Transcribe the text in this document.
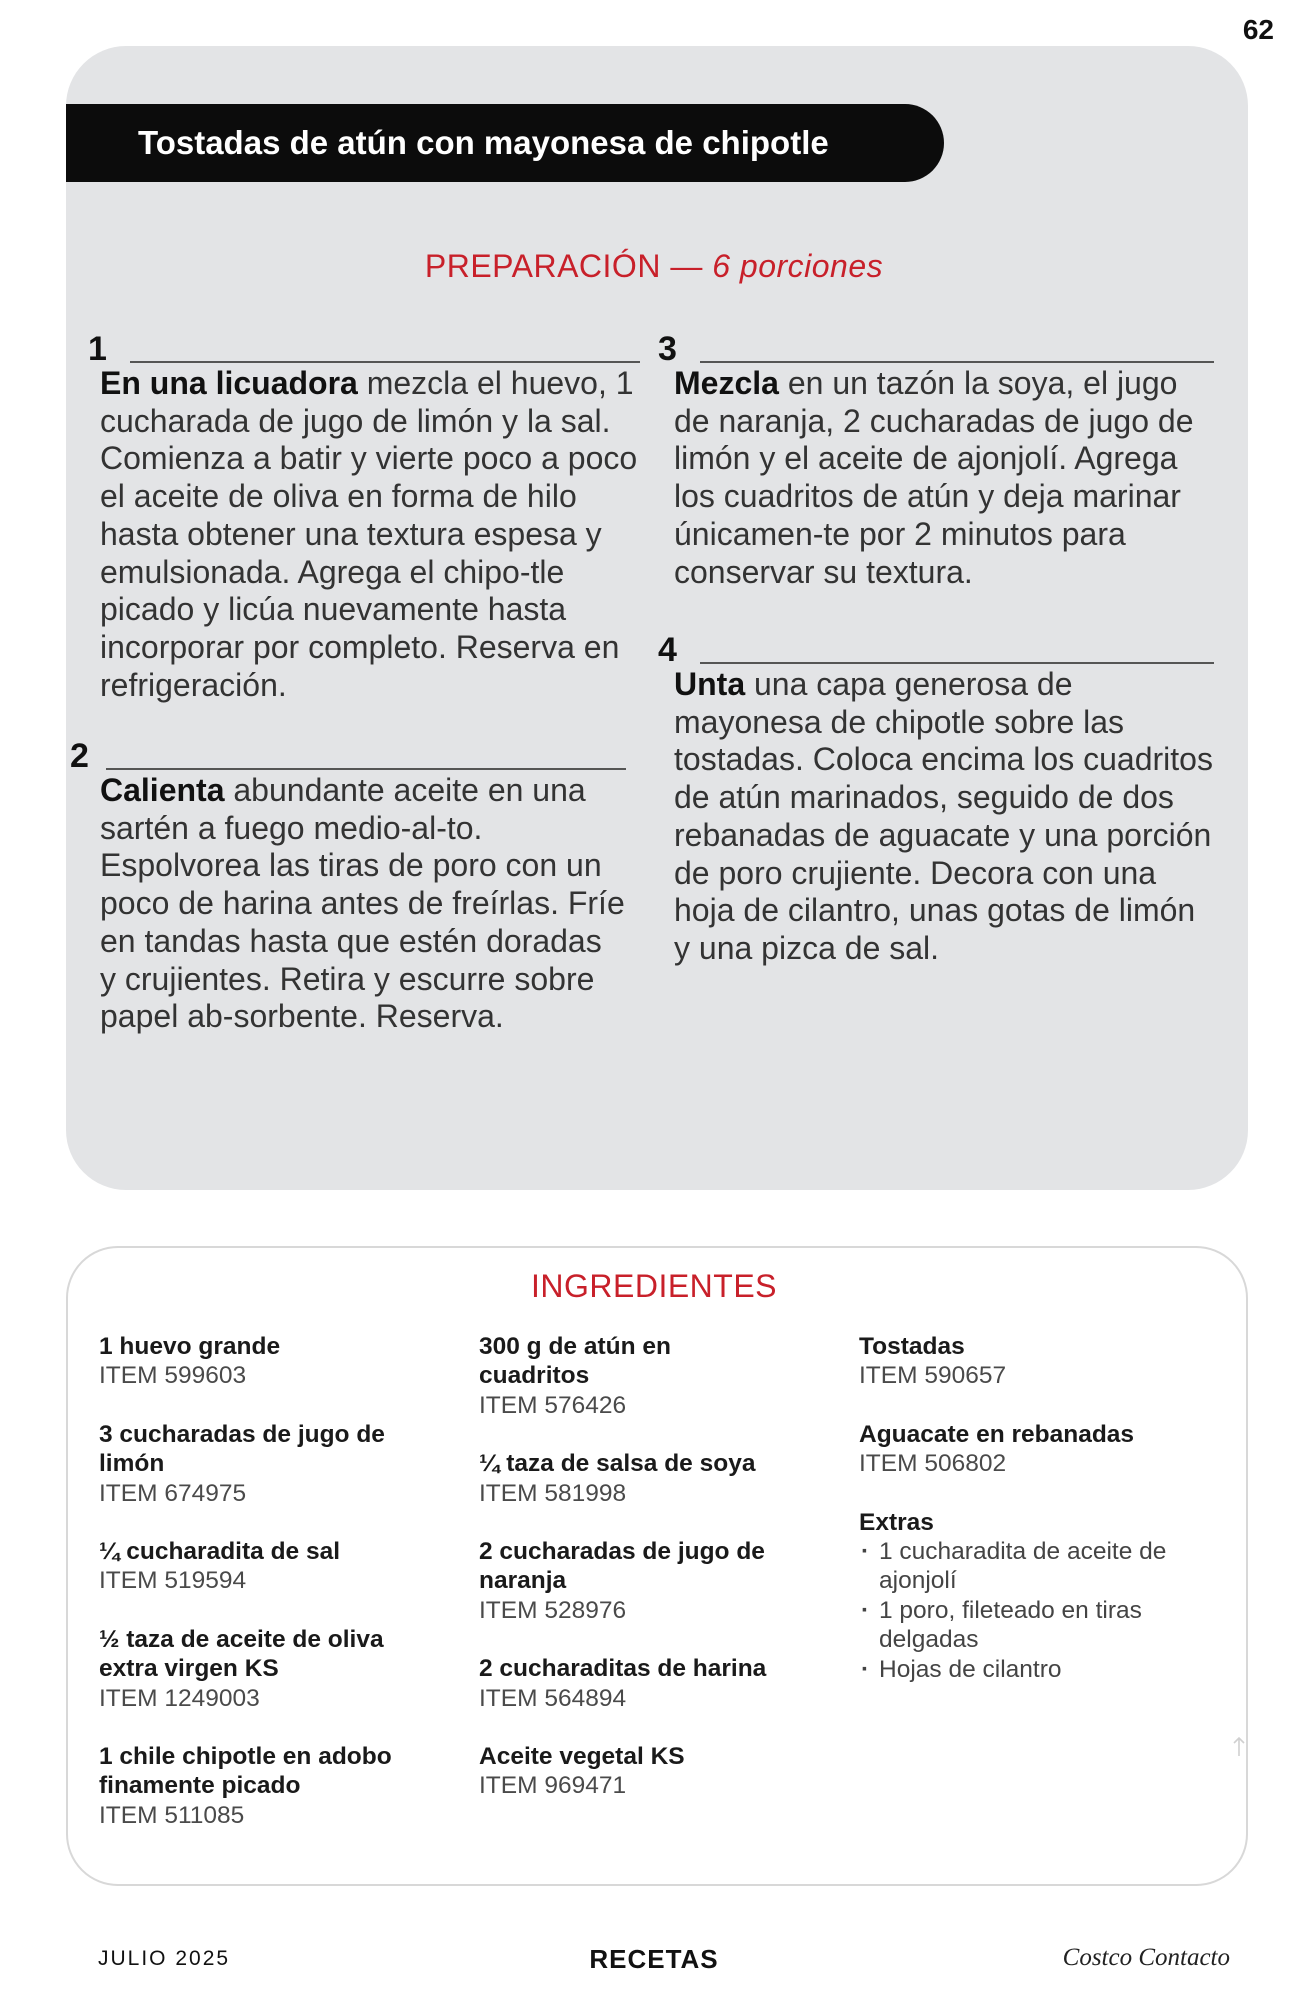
62
Tostadas de atún con mayonesa de chipotle
PREPARACIÓN — 6 porciones
1

En una licuadora mezcla el huevo, 1 cucharada de jugo de limón y la sal. Comienza a batir y vierte poco a poco el aceite de oliva en forma de hilo hasta obtener una textura espesa y emulsionada. Agrega el chipo-tle picado y licúa nuevamente hasta incorporar por completo. Reserva en refrigeración.

2

Calienta abundante aceite en una sartén a fuego medio-al-to. Espolvorea las tiras de poro con un poco de harina antes de freírlas. Fríe en tandas hasta que estén doradas y crujientes. Retira y escurre sobre papel ab-sorbente. Reserva.

3

Mezcla en un tazón la soya, el jugo de naranja, 2 cucharadas de jugo de limón y el aceite de ajonjolí. Agrega los cuadritos de atún y deja marinar únicamen-te por 2 minutos para conservar su textura.

4

Unta una capa generosa de mayonesa de chipotle sobre las tostadas. Coloca encima los cuadritos de atún marinados, seguido de dos rebanadas de aguacate y una porción de poro crujiente. Decora con una hoja de cilantro, unas gotas de limón y una pizca de sal.

INGREDIENTES
1 huevo grande
ITEM 599603
3 cucharadas de jugo de limón
ITEM 674975
¼ cucharadita de sal
ITEM 519594
½ taza de aceite de oliva extra virgen KS
ITEM 1249003
1 chile chipotle en adobo finamente picado
ITEM 511085
300 g de atún en cuadritos
ITEM 576426
¼ taza de salsa de soya
ITEM 581998
2 cucharadas de jugo de naranja
ITEM 528976
2 cucharaditas de harina
ITEM 564894
Aceite vegetal KS
ITEM 969471
Tostadas
ITEM 590657
Aguacate en rebanadas
ITEM 506802
Extras
· 1 cucharadita de aceite de ajonjolí
· 1 poro, fileteado en tiras delgadas
· Hojas de cilantro
JULIO 2025	RECETAS	Costco Contacto
